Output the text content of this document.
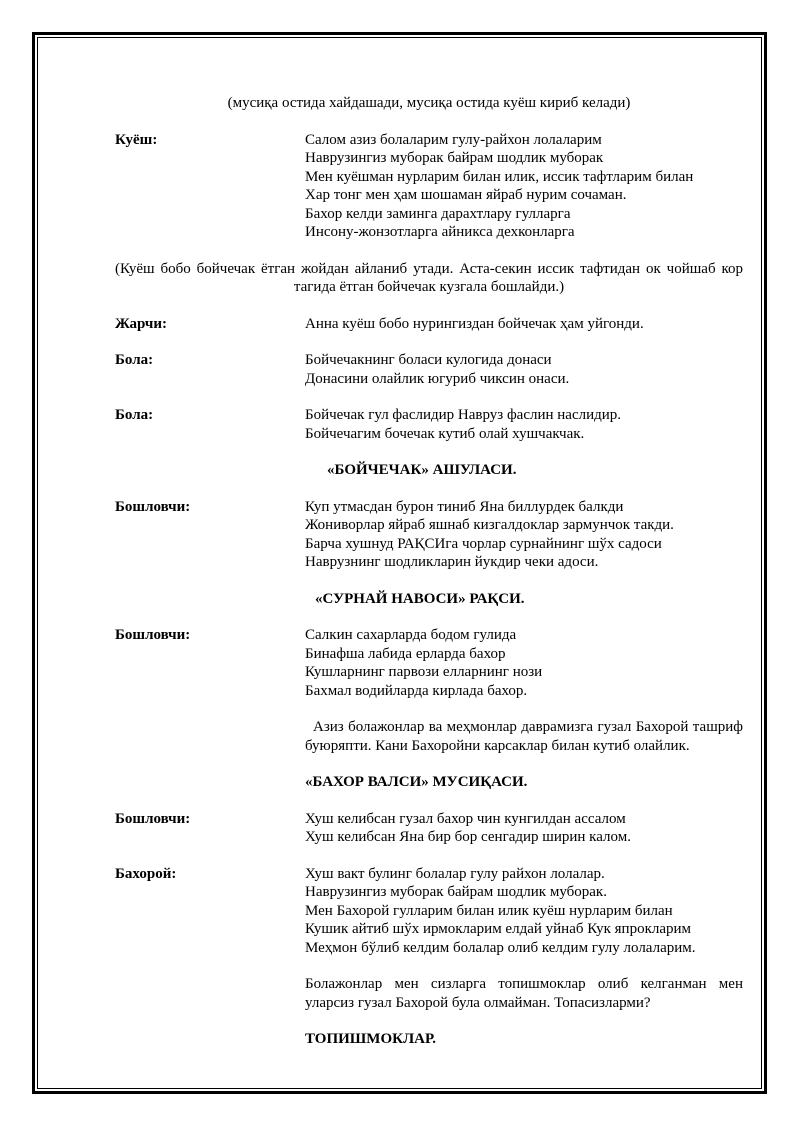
(мусиқа остида хайдашади, мусиқа остида куёш кириб келади)
Куёш:	Салом азиз болаларим гулу-райхон лолаларим
Наврузингиз муборак байрам шодлик муборак
Мен куёшман нурларим билан илик, иссик тафтларим билан
Хар тонг мен ҳам шошаман яйраб нурим сочаман.
Бахор келди заминга дарахтлару гулларга
Инсону-жонзотларга айникса дехконларга
(Куёш бобо бойчечак ётган жойдан айланиб утади. Аста-секин иссик тафтидан ок чойшаб кор тагида ётган бойчечак кузгала бошлайди.)
Жарчи:	Анна куёш бобо нурингиздан бойчечак ҳам уйгонди.
Бола:	Бойчечакнинг боласи кулогида донаси
Донасини олайлик югуриб чиксин онаси.
Бола:	Бойчечак гул фаслидир Навруз фаслин наслидир.
Бойчечагим бочечак кутиб олай хушчакчак.
«БОЙЧЕЧАК» АШУЛАСИ.
Бошловчи:	Куп утмасдан бурон тиниб Яна биллурдек балкди
Жониворлар яйраб яшнаб кизгалдоклар зармунчок такди.
Барча хушнуд РАҚСИга чорлар сурнайнинг шўх садоси
Наврузнинг шодликларин йукдир чеки адоси.
«СУРНАЙ НАВОСИ» РАҚСИ.
Бошловчи:	Салкин сахарларда бодом гулида
Бинафша лабида ерларда бахор
Кушларнинг парвози елларнинг нози
Бахмал водийларда кирлада бахор.
Азиз болажонлар ва меҳмонлар даврамизга гузал Бахорой ташриф буюряпти. Кани Бахоройни карсаклар билан кутиб олайлик.
«БАХОР ВАЛСИ» МУСИҚАСИ.
Бошловчи:	Хуш келибсан гузал бахор чин кунгилдан ассалом
Хуш келибсан Яна бир бор сенгадир ширин калом.
Бахорой:	Хуш вакт булинг болалар гулу райхон лолалар.
Наврузингиз муборак байрам шодлик муборак.
Мен Бахорой гулларим билан илик куёш нурларим билан
Кушик айтиб шўх ирмокларим елдай уйнаб Кук япрокларим
Меҳмон бўлиб келдим болалар олиб келдим гулу лолаларим.
Болажонлар мен сизларга топишмоклар олиб келганман мен уларсиз гузал Бахорой була олмайман. Топасизларми?
ТОПИШМОКЛАР.
